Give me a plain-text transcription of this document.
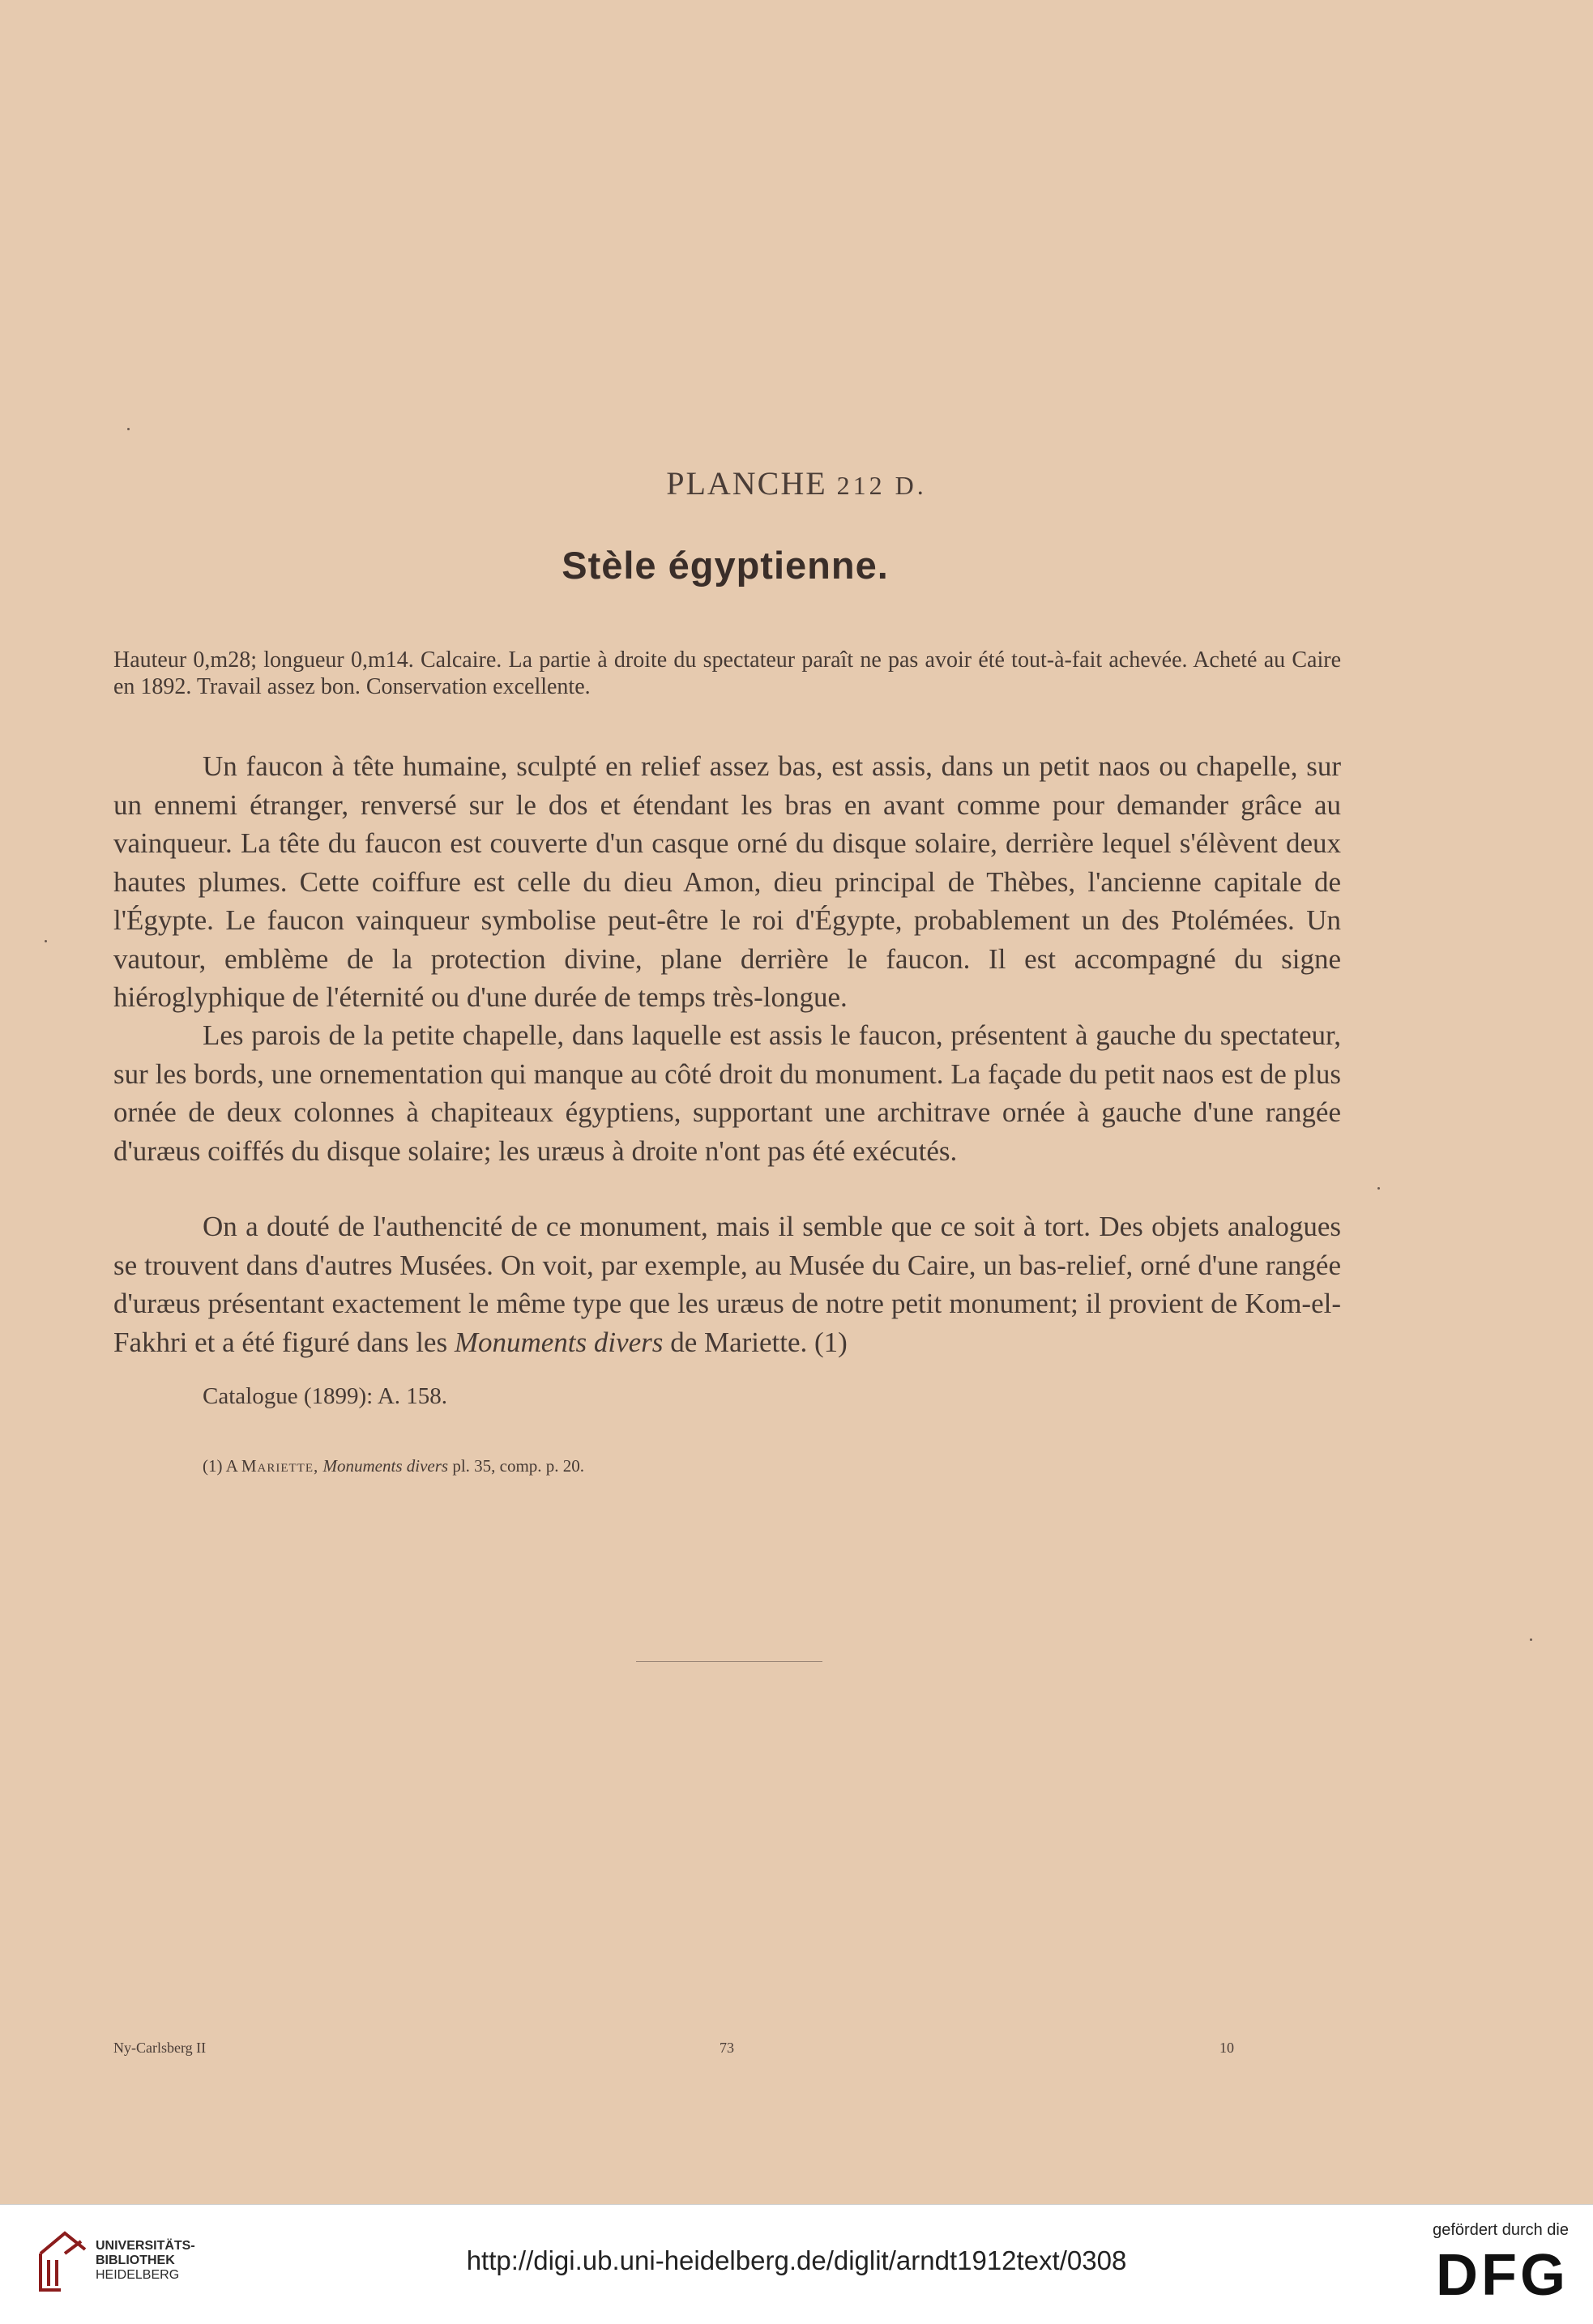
PLANCHE 212 D.
Stèle égyptienne.
Hauteur 0,m28; longueur 0,m14. Calcaire. La partie à droite du spectateur paraît ne pas avoir été tout-à-fait achevée. Acheté au Caire en 1892. Travail assez bon. Conservation excellente.
Un faucon à tête humaine, sculpté en relief assez bas, est assis, dans un petit naos ou chapelle, sur un ennemi étranger, renversé sur le dos et étendant les bras en avant comme pour demander grâce au vainqueur. La tête du faucon est couverte d'un casque orné du disque solaire, derrière lequel s'élèvent deux hautes plumes. Cette coiffure est celle du dieu Amon, dieu principal de Thèbes, l'ancienne capitale de l'Égypte. Le faucon vainqueur symbolise peut-être le roi d'Égypte, probablement un des Ptolémées. Un vautour, emblème de la protection divine, plane derrière le faucon. Il est accompagné du signe hiéroglyphique de l'éternité ou d'une durée de temps très-longue.
Les parois de la petite chapelle, dans laquelle est assis le faucon, présentent à gauche du spectateur, sur les bords, une ornementation qui manque au côté droit du monument. La façade du petit naos est de plus ornée de deux colonnes à chapiteaux égyptiens, supportant une architrave ornée à gauche d'une rangée d'uræus coiffés du disque solaire; les uræus à droite n'ont pas été exécutés.
On a douté de l'authencité de ce monument, mais il semble que ce soit à tort. Des objets analogues se trouvent dans d'autres Musées. On voit, par exemple, au Musée du Caire, un bas-relief, orné d'une rangée d'uræus présentant exactement le même type que les uræus de notre petit monument; il provient de Kom-el-Fakhri et a été figuré dans les Monuments divers de Mariette. (1)
Catalogue (1899): A. 158.
(1) A Mariette, Monuments divers pl. 35, comp. p. 20.
Ny-Carlsberg II	73	10
UNIVERSITÄTS-
BIBLIOTHEK
HEIDELBERG	http://digi.ub.uni-heidelberg.de/diglit/arndt1912text/0308
gefördert durch die
DFG
